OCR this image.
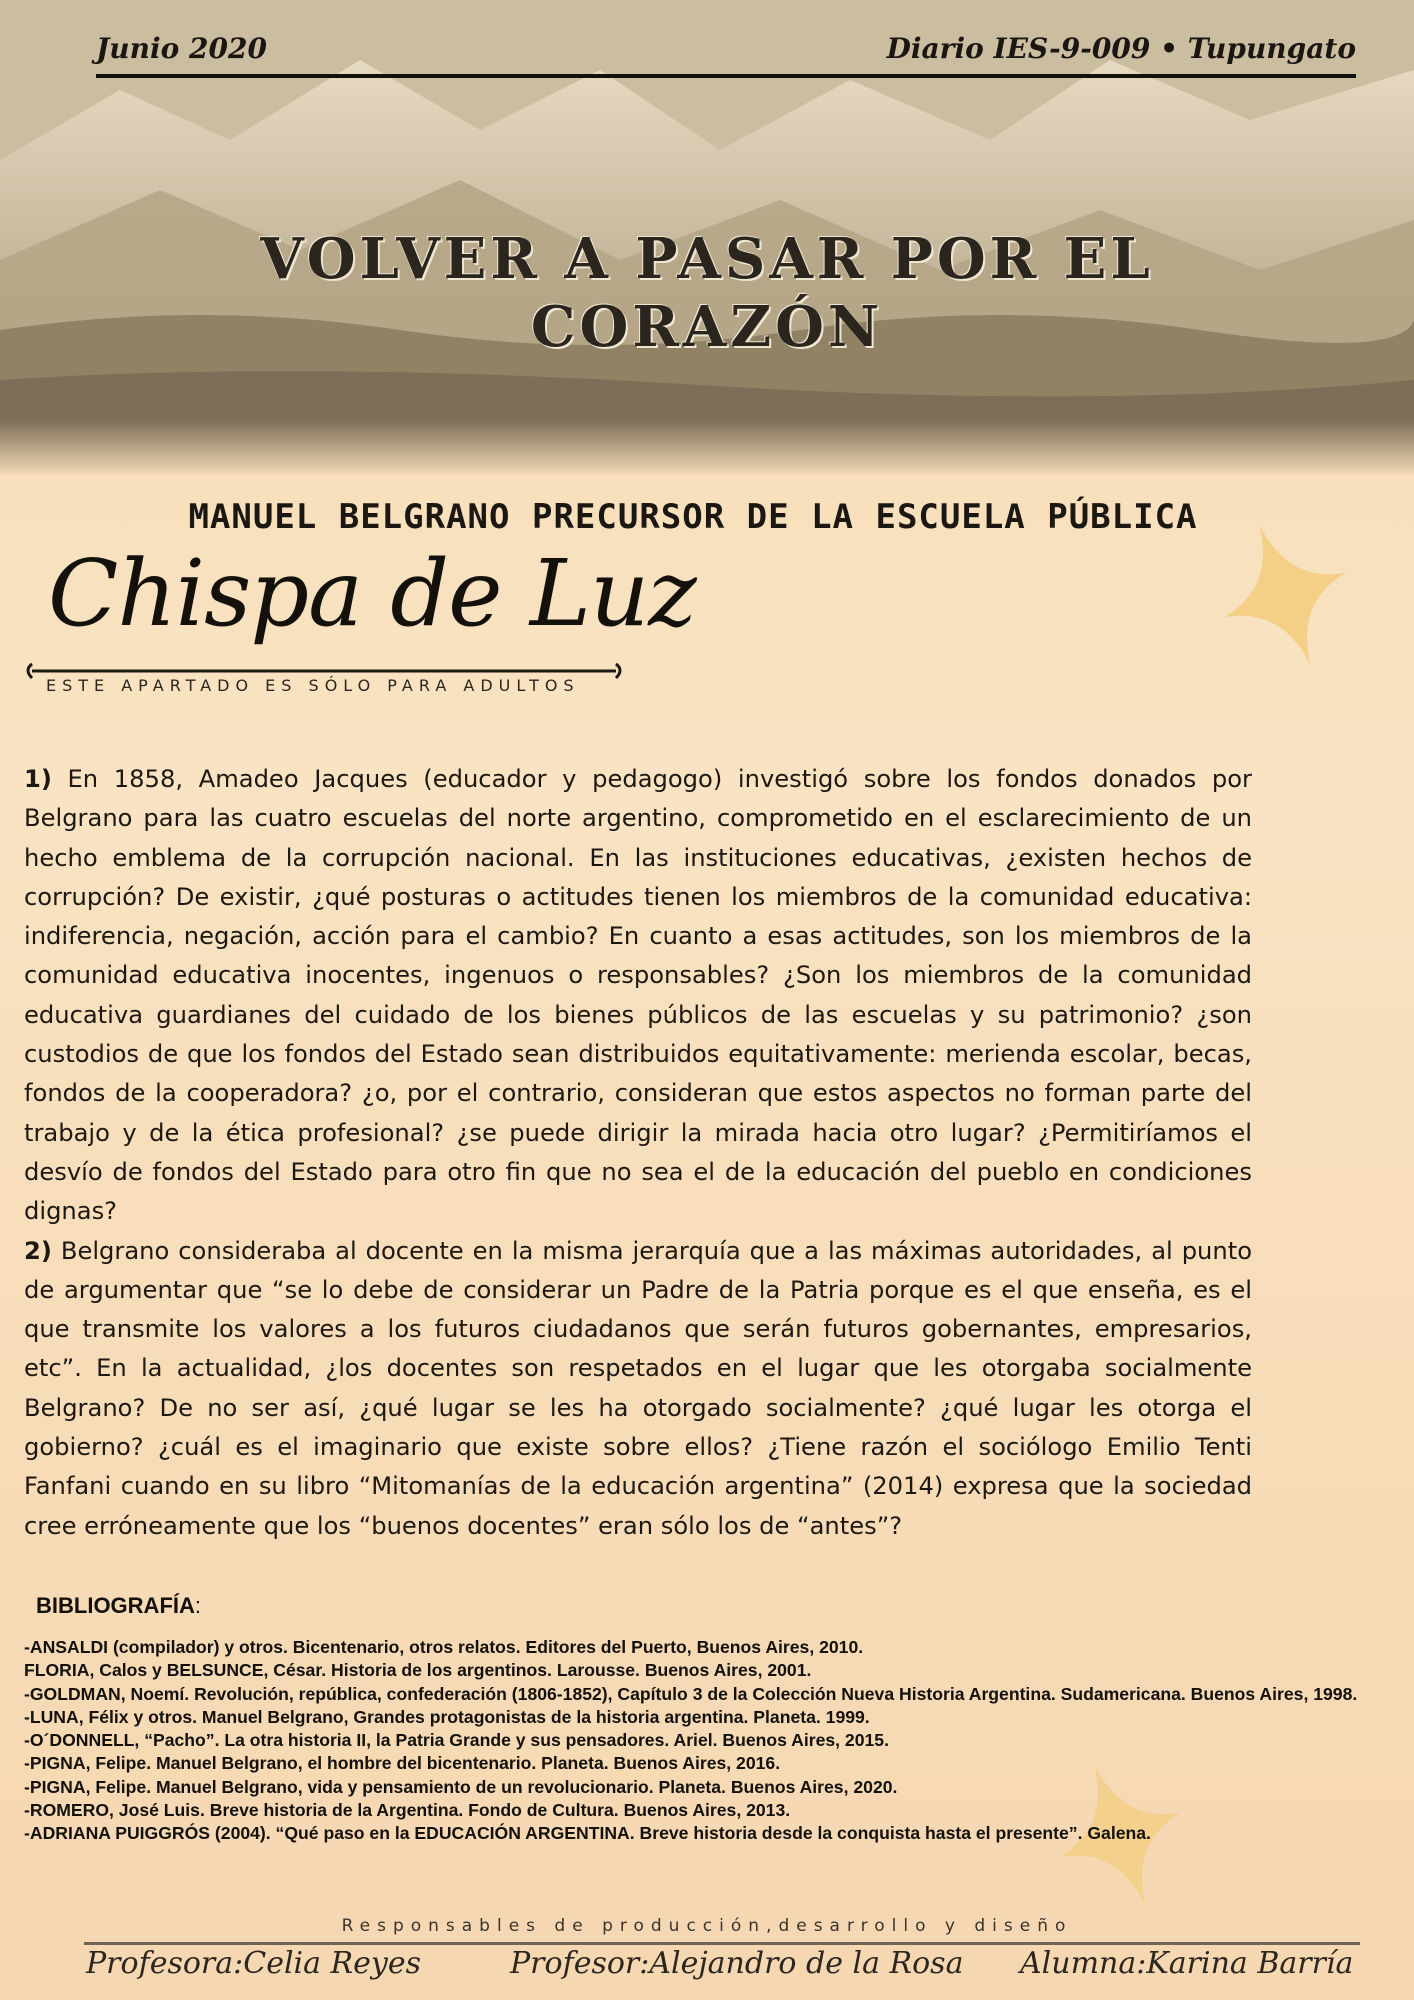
Junio 2020	Diario IES-9-009 • Tupungato
VOLVER A PASAR POR EL
CORAZÓN
MANUEL BELGRANO PRECURSOR DE LA ESCUELA PÚBLICA
Chispa de Luz
ESTE APARTADO ES SÓLO PARA ADULTOS

1) En 1858, Amadeo Jacques (educador y pedagogo) investigó sobre los fondos donados por Belgrano para las cuatro escuelas del norte argentino, comprometido en el esclarecimiento de un hecho emblema de la corrupción nacional. En las instituciones educativas, ¿existen hechos de corrupción? De existir, ¿qué posturas o actitudes tienen los miembros de la comunidad educativa: indiferencia, negación, acción para el cambio? En cuanto a esas actitudes, son los miembros de la comunidad educativa inocentes, ingenuos o responsables? ¿Son los miembros de la comunidad educativa guardianes del cuidado de los bienes públicos de las escuelas y su patrimonio? ¿son custodios de que los fondos del Estado sean distribuidos equitativamente: merienda escolar, becas, fondos de la cooperadora? ¿o, por el contrario, consideran que estos aspectos no forman parte del trabajo y de la ética profesional? ¿se puede dirigir la mirada hacia otro lugar? ¿Permitiríamos el desvío de fondos del Estado para otro fin que no sea el de la educación del pueblo en condiciones dignas?

2) Belgrano consideraba al docente en la misma jerarquía que a las máximas autoridades, al punto de argumentar que “se lo debe de considerar un Padre de la Patria porque es el que enseña, es el que transmite los valores a los futuros ciudadanos que serán futuros gobernantes, empresarios, etc”. En la actualidad, ¿los docentes son respetados en el lugar que les otorgaba socialmente Belgrano? De no ser así, ¿qué lugar se les ha otorgado socialmente? ¿qué lugar les otorga el gobierno? ¿cuál es el imaginario que existe sobre ellos? ¿Tiene razón el sociólogo Emilio Tenti Fanfani cuando en su libro “Mitomanías de la educación argentina” (2014) expresa que la sociedad cree erróneamente que los “buenos docentes” eran sólo los de “antes”?

BIBLIOGRAFÍA:
-ANSALDI (compilador) y otros. Bicentenario, otros relatos. Editores del Puerto, Buenos Aires, 2010.
FLORIA, Calos y BELSUNCE, César. Historia de los argentinos. Larousse. Buenos Aires, 2001.
-GOLDMAN, Noemí. Revolución, república, confederación (1806-1852), Capítulo 3 de la Colección Nueva Historia Argentina. Sudamericana. Buenos Aires, 1998.
-LUNA, Félix y otros. Manuel Belgrano, Grandes protagonistas de la historia argentina. Planeta. 1999.
-O´DONNELL, “Pacho”. La otra historia II, la Patria Grande y sus pensadores. Ariel. Buenos Aires, 2015.
-PIGNA, Felipe. Manuel Belgrano, el hombre del bicentenario. Planeta. Buenos Aires, 2016.
-PIGNA, Felipe. Manuel Belgrano, vida y pensamiento de un revolucionario. Planeta. Buenos Aires, 2020.
-ROMERO, José Luis. Breve historia de la Argentina. Fondo de Cultura. Buenos Aires, 2013.
-ADRIANA PUIGGRÓS (2004). “Qué paso en la EDUCACIÓN ARGENTINA. Breve historia desde la conquista hasta el presente”. Galena.
Responsables de producción,desarrollo y diseño
Profesora:Celia Reyes	Profesor:Alejandro de la Rosa Alumna:Karina Barría
